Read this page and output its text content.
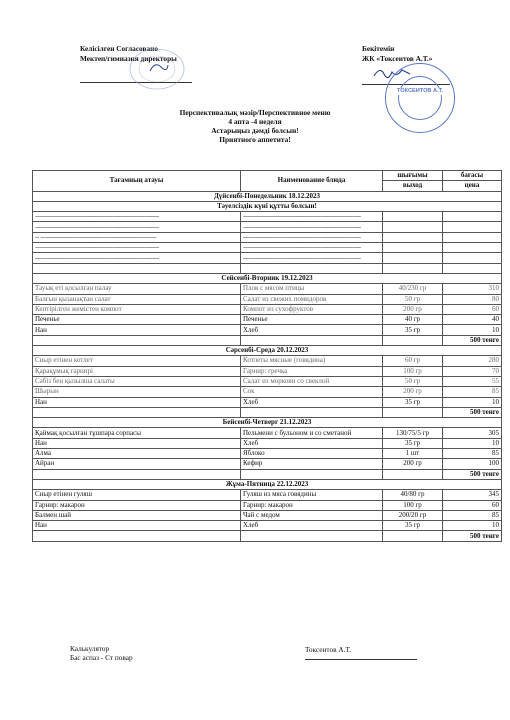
Келісілген Согласовано
Мектеп/гимназия директоры
Бекітемін
ЖК «Токсеитов А.Т.»
ТОКСЕИТОВ А.Т.
Перспективалық мәзір/Перспективное меню
4 апта -4 неделя
Астарыңыз дәмді болсын!
Приятного аппетита!
Тағамның атауы	Наименование блюда	шығымы	бағасы
		выход	цена
Дүйсенбі-Понедельник 18.12.2023			
Тәуелсіздік күні құтты болсын!			
-------------------------------------------------------------	----------------------------------------------------------		
-------------------------------------------------------------	----------------------------------------------------------		
-- ---------------------------------------------------------	----------------------------------------------------------		
-------------------------------------------------------------	----------------------------------------------------------		
-------------------------------------------------------------	----------------------------------------------------------		

Сейсенбі-Вторник 19.12.2023			
Тауық еті қосылған палау	Плов с мясом птицы	40/230 гр	310
Балғын қызанақтан салат	Салат из свежих помидоров	50 гр	80
Кептірілген жемістен компот	Компот из сухофруктов	200 гр	60
Печенье	Печенье	40 гр	40
Нан	Хлеб	35 гр	10
			500 тенге
Сәрсенбі-Среда 20.12.2023			
Сиыр етінен котлет	Котлеты мясные (говядина)	60 гр	280
Қарақұмық гарнирі	Гарнир: гречка	100 гр	70
Сәбіз бен қызылша салаты	Салат из моркови со свеклой	50 гр	55
Шырын	Сок	200 гр	85
Нан	Хлеб	35 гр	10
			500 тенге
Бейсенбі-Четверг 21.12.2023			
Қаймақ қосылған тұшпара сорпасы	Пельмени с бульоном и со сметаной	130/75/5 гр	305
Нан	Хлеб	35 гр	10
Алма	Яблоко	1 шт	85
Айран	Кефир	200 гр	100
			500 тенге
Жұма-Пятница 22.12.2023			
Сиыр етінен гуляш	Гуляш из мяса говядины	40/80 гр	345
Гарнир: макарон	Гарнир: макарон	100 гр	60
Балмен шай	Чай с медом	200/20 гр	85
Нан	Хлеб	35 гр	10
			500 тенге
Калькулятор
Бас аспаз - Ст повар
Токсеитов А.Т.
